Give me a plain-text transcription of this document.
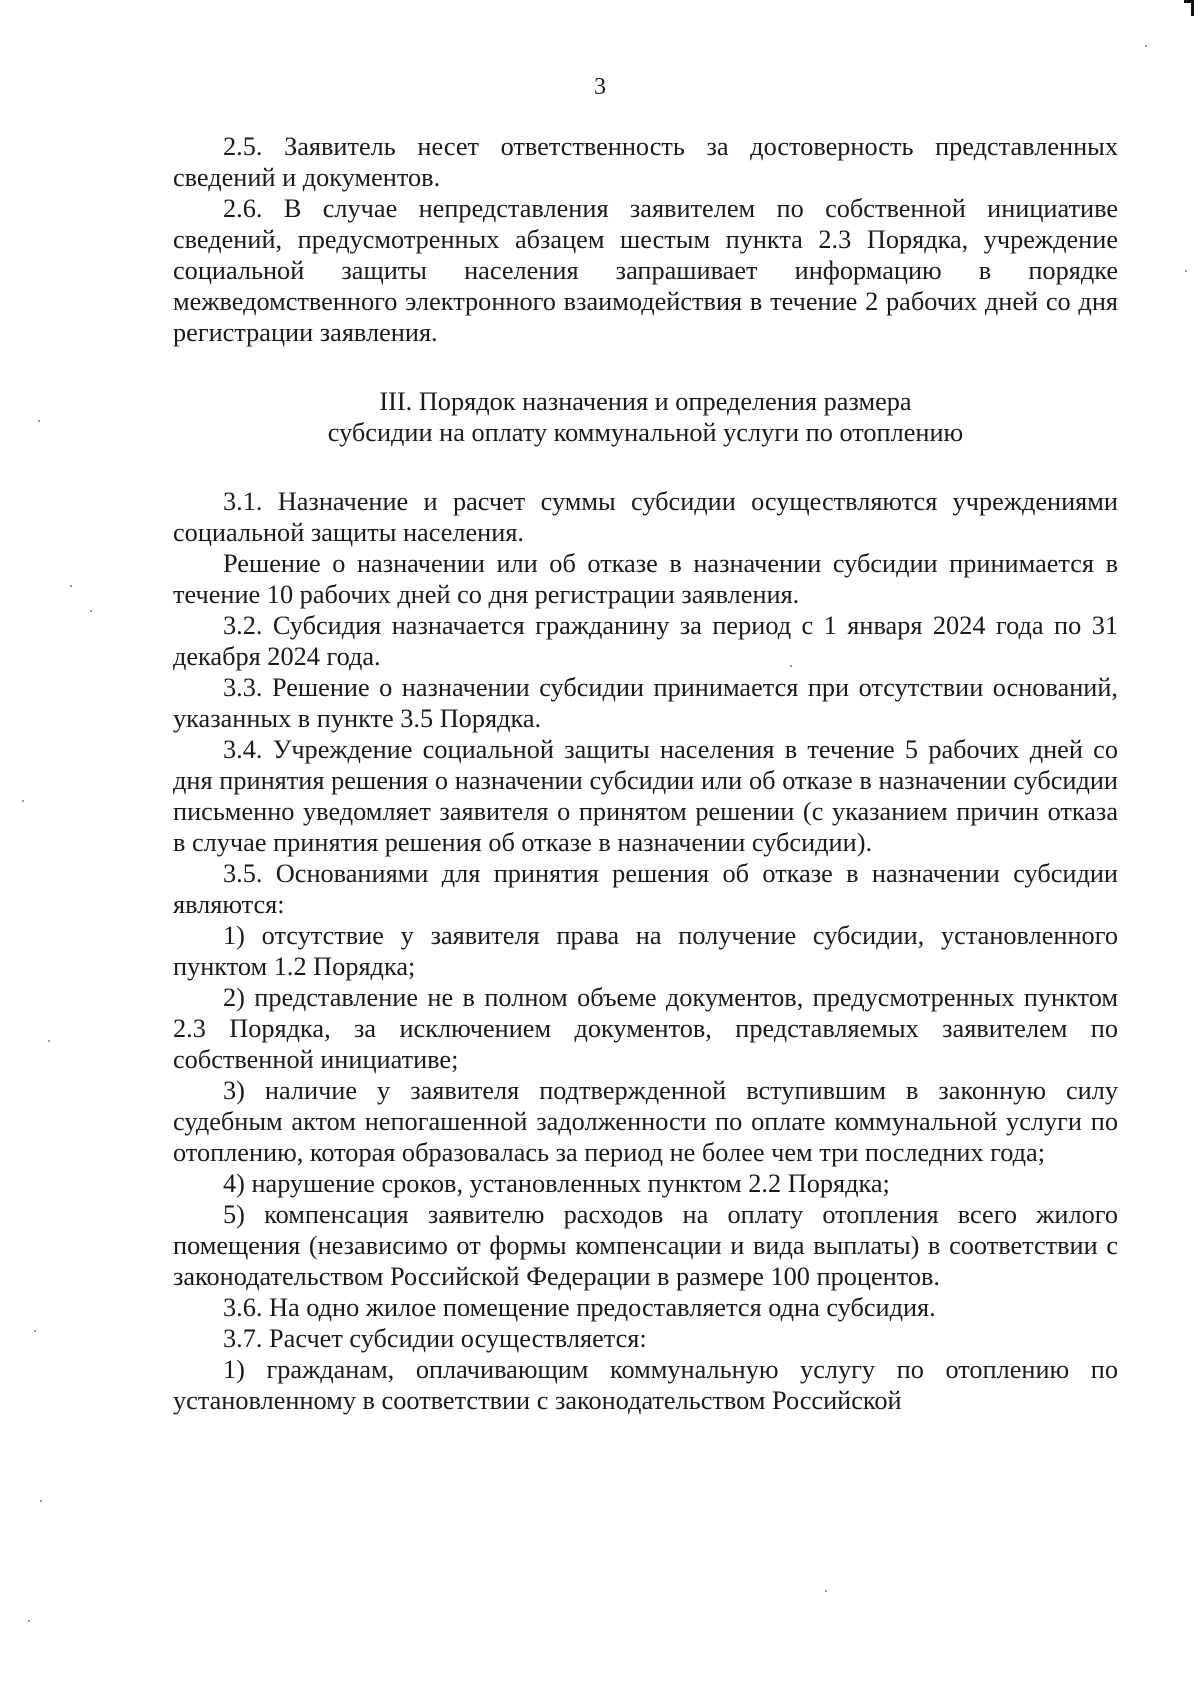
3

2.5. Заявитель несет ответственность за достоверность представленных сведений и документов.

2.6. В случае непредставления заявителем по собственной инициативе сведений, предусмотренных абзацем шестым пункта 2.3 Порядка, учреждение социальной защиты населения запрашивает информацию в порядке межведомственного электронного взаимодействия в течение 2 рабочих дней со дня регистрации заявления.

III. Порядок назначения и определения размера
субсидии на оплату коммунальной услуги по отоплению

3.1. Назначение и расчет суммы субсидии осуществляются учреждениями социальной защиты населения.

Решение о назначении или об отказе в назначении субсидии принимается в течение 10 рабочих дней со дня регистрации заявления.

3.2. Субсидия назначается гражданину за период с 1 января 2024 года по 31 декабря 2024 года.

3.3. Решение о назначении субсидии принимается при отсутствии оснований, указанных в пункте 3.5 Порядка.

3.4. Учреждение социальной защиты населения в течение 5 рабочих дней со дня принятия решения о назначении субсидии или об отказе в назначении субсидии письменно уведомляет заявителя о принятом решении (с указанием причин отказа в случае принятия решения об отказе в назначении субсидии).

3.5. Основаниями для принятия решения об отказе в назначении субсидии являются:

1) отсутствие у заявителя права на получение субсидии, установленного пунктом 1.2 Порядка;

2) представление не в полном объеме документов, предусмотренных пунктом 2.3 Порядка, за исключением документов, представляемых заявителем по собственной инициативе;

3) наличие у заявителя подтвержденной вступившим в законную силу судебным актом непогашенной задолженности по оплате коммунальной услуги по отоплению, которая образовалась за период не более чем три последних года;

4) нарушение сроков, установленных пунктом 2.2 Порядка;

5) компенсация заявителю расходов на оплату отопления всего жилого помещения (независимо от формы компенсации и вида выплаты) в соответствии с законодательством Российской Федерации в размере 100 процентов.

3.6. На одно жилое помещение предоставляется одна субсидия.

3.7. Расчет субсидии осуществляется:

1) гражданам, оплачивающим коммунальную услугу по отоплению по установленному в соответствии с законодательством Российской
